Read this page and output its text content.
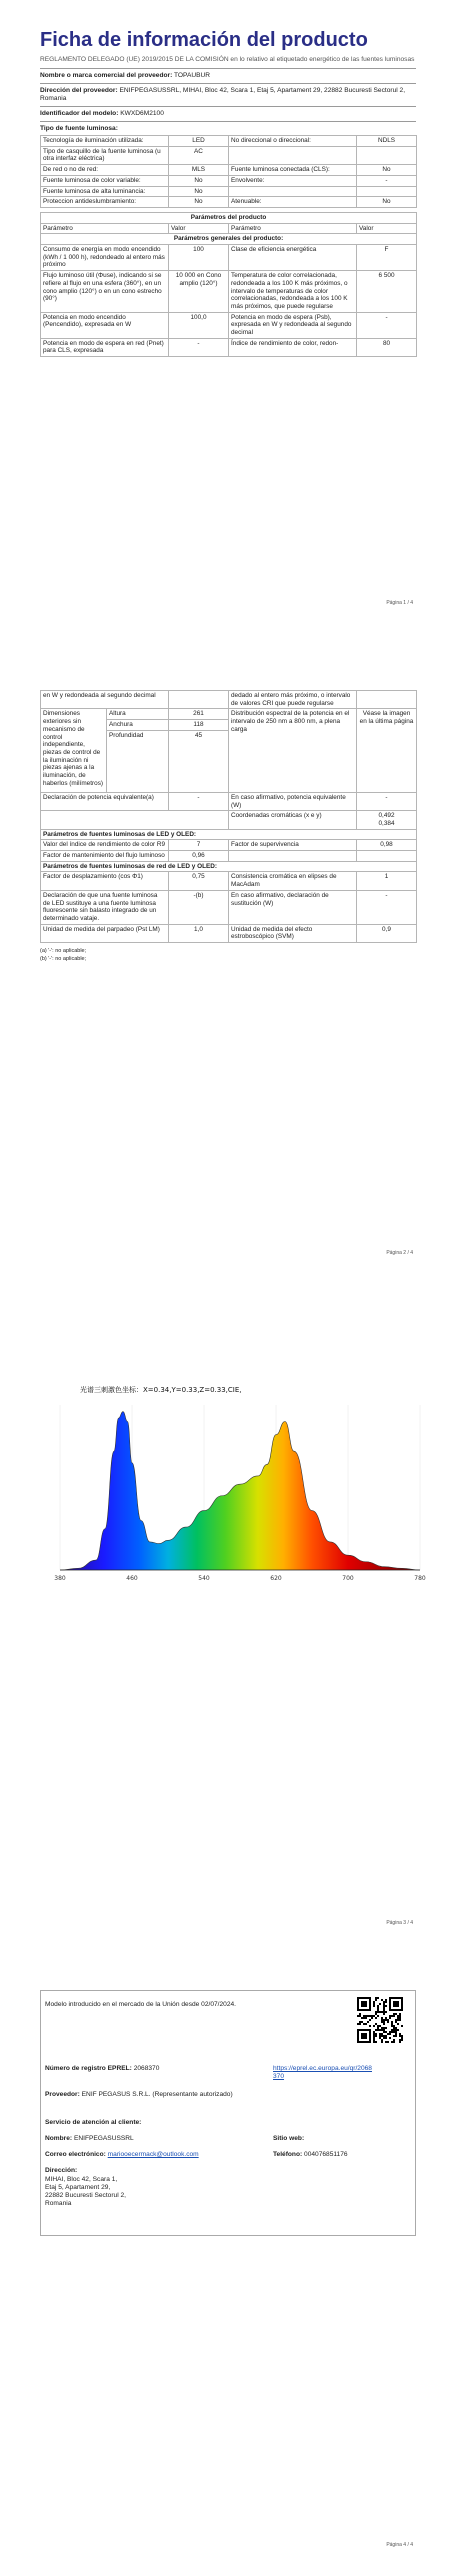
Ficha de información del producto
REGLAMENTO DELEGADO (UE) 2019/2015 DE LA COMISIÓN en lo relativo al etiquetado energético de las fuentes luminosas
Nombre o marca comercial del proveedor: TOPAUBUR
Dirección del proveedor: ENIFPEGASUSSRL, MIHAI, Bloc 42, Scara 1, Etaj 5, Apartament 29, 22882 Bucuresti Sectorul 2, Romania
Identificador del modelo: KWXD6M2100
Tipo de fuente luminosa:
Tecnología de iluminación utilizada:	LED	No direccional o direccional:	NDLS
Tipo de casquillo de la fuente luminosa (u otra interfaz eléctrica)	AC		
De red o no de red:	MLS	Fuente luminosa conectada (CLS):	No
Fuente luminosa de color variable:	No	Envolvente:	-
Fuente luminosa de alta luminancia:	No		
Proteccion antideslumbramiento:	No	Atenuable:	No
Parámetros del producto			
Parámetro	Valor	Parámetro	Valor
Parámetros generales del producto:			
Consumo de energía en modo encendido (kWh / 1 000 h), redondeado al entero más próximo	100	Clase de eficiencia energética	F
Flujo luminoso útil (Φuse), indicando si se refiere al flujo en una esfera (360°), en un cono amplio (120°) o en un cono estrecho (90°)	10 000 en Cono amplio (120°)	Temperatura de color correlacionada, redondeada a los 100 K más próximos, o intervalo de temperaturas de color correlacionadas, redondeada a los 100 K más próximos, que puede regularse	6 500
Potencia en modo encendido (Pencendido), expresada en W	100,0	Potencia en modo de espera (Psb), expresada en W y redondeada al segundo decimal	-
Potencia en modo de espera en red (Pnet) para CLS, expresada	-	Índice de rendimiento de color, redon-	80
Página 1 / 4
en W y redondeada al segundo decimal			dedado al entero más próximo, o intervalo de valores CRI que puede regularse	
Dimensiones exteriores sin mecanismo de control independiente, piezas de control de la iluminación ni piezas ajenas a la iluminación, de haberlos (milímetros)	Altura	261	Distribución espectral de la potencia en el intervalo de 250 nm a 800 nm, a plena carga	Véase la imagen en la última página
	Anchura	118		
	Profundidad	45		
Declaración de potencia equivalente(a)		-	En caso afirmativo, potencia equivalente (W)	-
			Coordenadas cromáticas (x e y)	0,492
0,384
Parámetros de fuentes luminosas de LED y OLED:				
Valor del índice de rendimiento de color R9		7	Factor de supervivencia	0,98
Factor de mantenimiento del flujo luminoso		0,96		
Parámetros de fuentes luminosas de red de LED y OLED:				
Factor de desplazamiento (cos Φ1)		0,75	Consistencia cromática en elipses de MacAdam	1
Declaración de que una fuente luminosa de LED sustituye a una fuente luminosa fluorescente sin balasto integrado de un determinado vataje.		-(b)	En caso afirmativo, declaración de sustitución (W)	-
Unidad de medida del parpadeo (Pst LM)		1,0	Unidad de medida del efecto estroboscópico (SVM)	0,9
(a) '-': no aplicable;
(b) '-': no aplicable;
Página 2 / 4
380	460	540	620	700	780
光谱三刺激色坐标：X=0.34,Y=0.33,Z=0.33,CIE,
Página 3 / 4
Modelo introducido en el mercado de la Unión desde 02/07/2024.
Número de registro EPREL: 2068370	https://eprel.ec.europa.eu/qr/2068370
Proveedor: ENIF PEGASUS S.R.L. (Representante autorizado)
Servicio de atención al cliente:
Nombre: ENIFPEGASUSSRL	Sitio web:
Correo electrónico: mariooecermack@outlook.com	Teléfono: 004076851176
Dirección:
MIHAI, Bloc 42, Scara 1,
Etaj 5, Apartament 29,
22882 Bucuresti Sectorul 2,
Romania
Página 4 / 4
